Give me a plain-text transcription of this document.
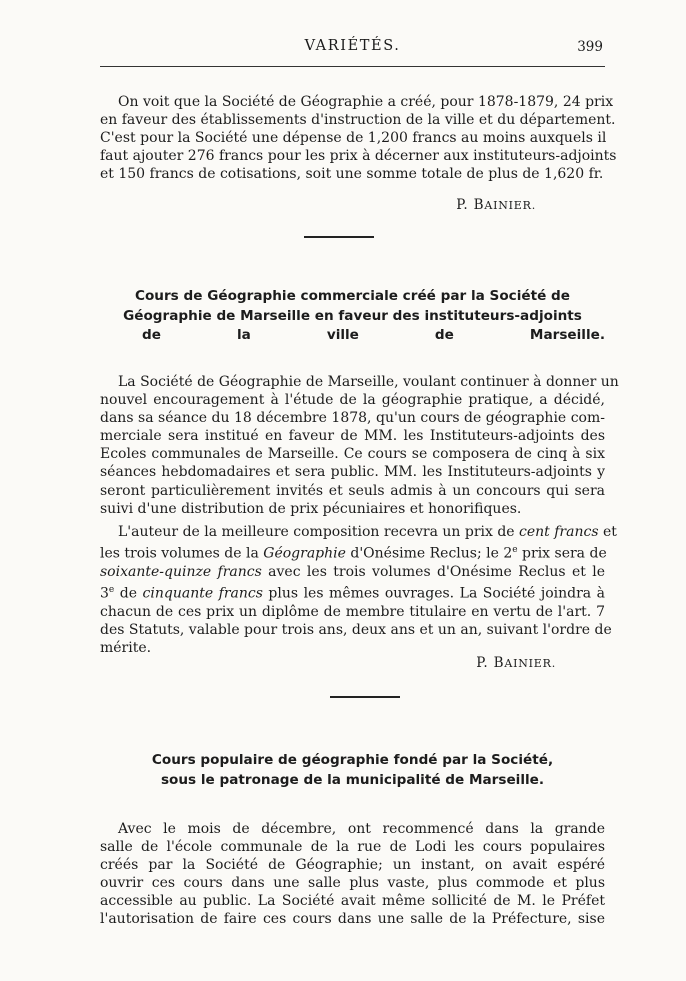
VARIÉTÉS.	399
On voit que la Société de Géographie a créé, pour 1878-1879, 24 prix
en faveur des établissements d'instruction de la ville et du département.
C'est pour la Société une dépense de 1,200 francs au moins auxquels il
faut ajouter 276 francs pour les prix à décerner aux instituteurs-adjoints
et 150 francs de cotisations, soit une somme totale de plus de 1,620 fr.
P. BAINIER.
Cours de Géographie commerciale créé par la Société de
Géographie de Marseille en faveur des instituteurs-adjoints
de la ville de Marseille.
La Société de Géographie de Marseille, voulant continuer à donner un
nouvel encouragement à l'étude de la géographie pratique, a décidé,
dans sa séance du 18 décembre 1878, qu'un cours de géographie com-
merciale sera institué en faveur de MM. les Instituteurs-adjoints des
Ecoles communales de Marseille. Ce cours se composera de cinq à six
séances hebdomadaires et sera public. MM. les Instituteurs-adjoints y
seront particulièrement invités et seuls admis à un concours qui sera
suivi d'une distribution de prix pécuniaires et honorifiques.
L'auteur de la meilleure composition recevra un prix de cent francs et
les trois volumes de la Géographie d'Onésime Reclus; le 2e prix sera de
soixante-quinze francs avec les trois volumes d'Onésime Reclus et le
3e de cinquante francs plus les mêmes ouvrages. La Société joindra à
chacun de ces prix un diplôme de membre titulaire en vertu de l'art. 7
des Statuts, valable pour trois ans, deux ans et un an, suivant l'ordre de
mérite.
P. BAINIER.
Cours populaire de géographie fondé par la Société,
sous le patronage de la municipalité de Marseille.
Avec le mois de décembre, ont recommencé dans la grande
salle de l'école communale de la rue de Lodi les cours populaires
créés par la Société de Géographie; un instant, on avait espéré
ouvrir ces cours dans une salle plus vaste, plus commode et plus
accessible au public. La Société avait même sollicité de M. le Préfet
l'autorisation de faire ces cours dans une salle de la Préfecture, sise
